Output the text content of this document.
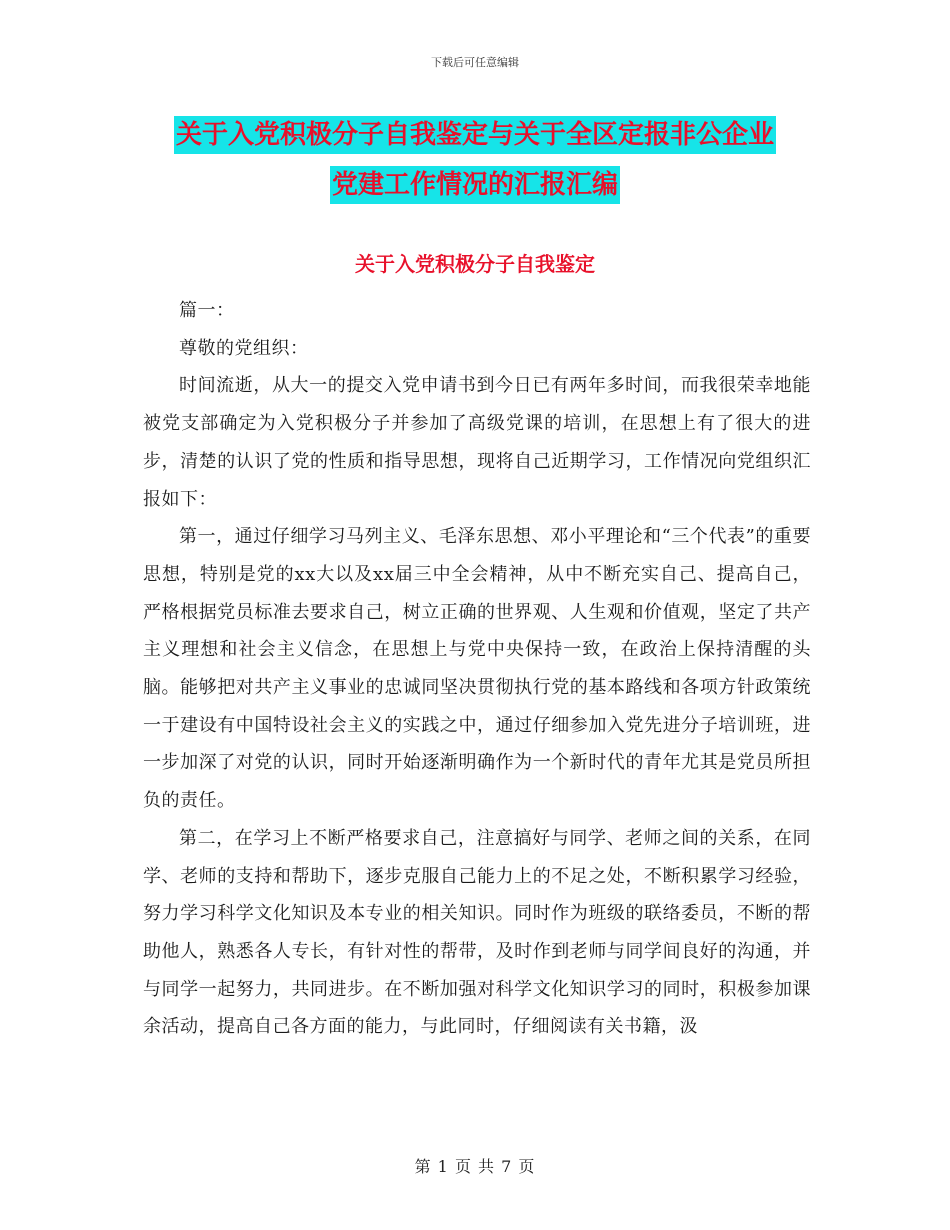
下载后可任意编辑
关于入党积极分子自我鉴定与关于全区定报非公企业
党建工作情况的汇报汇编
关于入党积极分子自我鉴定

篇一：

尊敬的党组织：

时间流逝，从大一的提交入党申请书到今日已有两年多时间，而我很荣幸地能被党支部确定为入党积极分子并参加了高级党课的培训，在思想上有了很大的进步，清楚的认识了党的性质和指导思想，现将自己近期学习，工作情况向党组织汇报如下：

第一，通过仔细学习马列主义、毛泽东思想、邓小平理论和“三个代表”的重要思想，特别是党的xx大以及xx届三中全会精神，从中不断充实自己、提高自己，严格根据党员标准去要求自己，树立正确的世界观、人生观和价值观，坚定了共产主义理想和社会主义信念，在思想上与党中央保持一致，在政治上保持清醒的头脑。能够把对共产主义事业的忠诚同坚决贯彻执行党的基本路线和各项方针政策统一于建设有中国特设社会主义的实践之中，通过仔细参加入党先进分子培训班，进一步加深了对党的认识，同时开始逐渐明确作为一个新时代的青年尤其是党员所担负的责任。

第二，在学习上不断严格要求自己，注意搞好与同学、老师之间的关系，在同学、老师的支持和帮助下，逐步克服自己能力上的不足之处，不断积累学习经验，努力学习科学文化知识及本专业的相关知识。同时作为班级的联络委员，不断的帮助他人，熟悉各人专长，有针对性的帮带，及时作到老师与同学间良好的沟通，并与同学一起努力，共同进步。在不断加强对科学文化知识学习的同时，积极参加课余活动，提高自己各方面的能力，与此同时，仔细阅读有关书籍，汲

第 1 页 共 7 页
